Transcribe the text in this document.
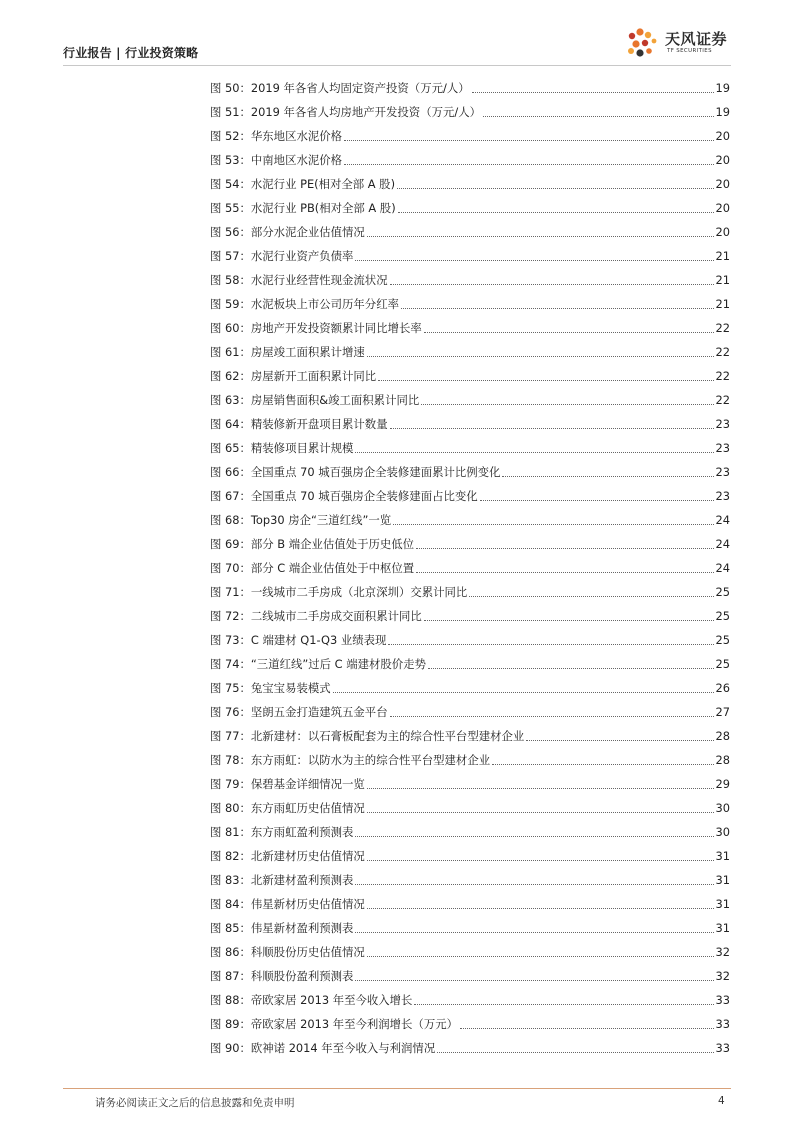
行业报告 | 行业投资策略
天风证券
TF SECURITIES
图 50：2019 年各省人均固定资产投资（万元/人）	19
图 51：2019 年各省人均房地产开发投资（万元/人）	19
图 52：华东地区水泥价格	20
图 53：中南地区水泥价格	20
图 54：水泥行业 PE(相对全部 A 股)	20
图 55：水泥行业 PB(相对全部 A 股)	20
图 56：部分水泥企业估值情况	20
图 57：水泥行业资产负债率	21
图 58：水泥行业经营性现金流状况	21
图 59：水泥板块上市公司历年分红率	21
图 60：房地产开发投资额累计同比增长率	22
图 61：房屋竣工面积累计增速	22
图 62：房屋新开工面积累计同比	22
图 63：房屋销售面积&竣工面积累计同比	22
图 64：精装修新开盘项目累计数量	23
图 65：精装修项目累计规模	23
图 66：全国重点 70 城百强房企全装修建面累计比例变化	23
图 67：全国重点 70 城百强房企全装修建面占比变化	23
图 68：Top30 房企“三道红线”一览	24
图 69：部分 B 端企业估值处于历史低位	24
图 70：部分 C 端企业估值处于中枢位置	24
图 71：一线城市二手房成（北京深圳）交累计同比	25
图 72：二线城市二手房成交面积累计同比	25
图 73：C 端建材 Q1-Q3 业绩表现	25
图 74：“三道红线”过后 C 端建材股价走势	25
图 75：兔宝宝易装模式	26
图 76：坚朗五金打造建筑五金平台	27
图 77：北新建材：以石膏板配套为主的综合性平台型建材企业	28
图 78：东方雨虹：以防水为主的综合性平台型建材企业	28
图 79：保碧基金详细情况一览	29
图 80：东方雨虹历史估值情况	30
图 81：东方雨虹盈利预测表	30
图 82：北新建材历史估值情况	31
图 83：北新建材盈利预测表	31
图 84：伟星新材历史估值情况	31
图 85：伟星新材盈利预测表	31
图 86：科顺股份历史估值情况	32
图 87：科顺股份盈利预测表	32
图 88：帝欧家居 2013 年至今收入增长	33
图 89：帝欧家居 2013 年至今利润增长（万元）	33
图 90：欧神诺 2014 年至今收入与利润情况	33
请务必阅读正文之后的信息披露和免责申明	4
